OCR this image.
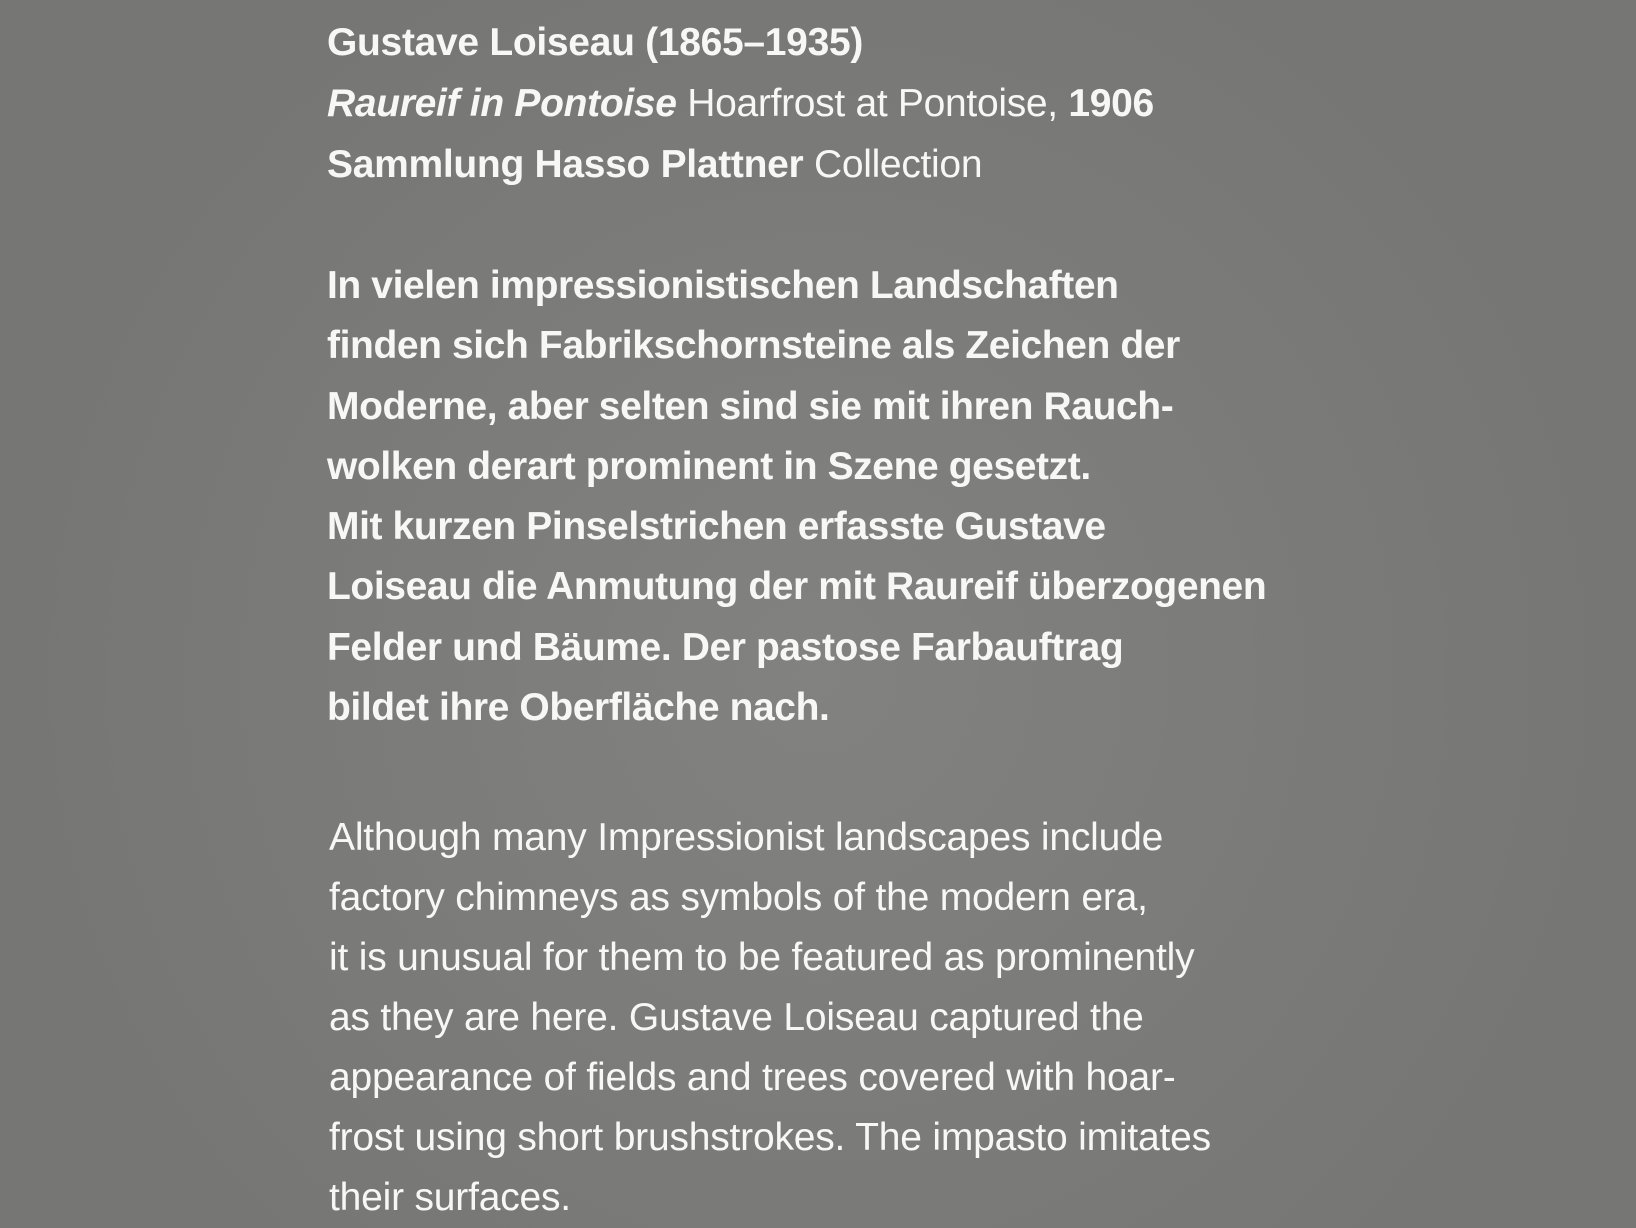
Gustave Loiseau (1865–1935)
Raureif in Pontoise Hoarfrost at Pontoise, 1906
Sammlung Hasso Plattner Collection

In vielen impressionistischen Landschaften
finden sich Fabrikschornsteine als Zeichen der
Moderne, aber selten sind sie mit ihren Rauch-
wolken derart prominent in Szene gesetzt.
Mit kurzen Pinselstrichen erfasste Gustave
Loiseau die Anmutung der mit Raureif überzogenen
Felder und Bäume. Der pastose Farbauftrag
bildet ihre Oberfläche nach.

Although many Impressionist landscapes include
factory chimneys as symbols of the modern era,
it is unusual for them to be featured as prominently
as they are here. Gustave Loiseau captured the
appearance of fields and trees covered with hoar-
frost using short brushstrokes. The impasto imitates
their surfaces.
